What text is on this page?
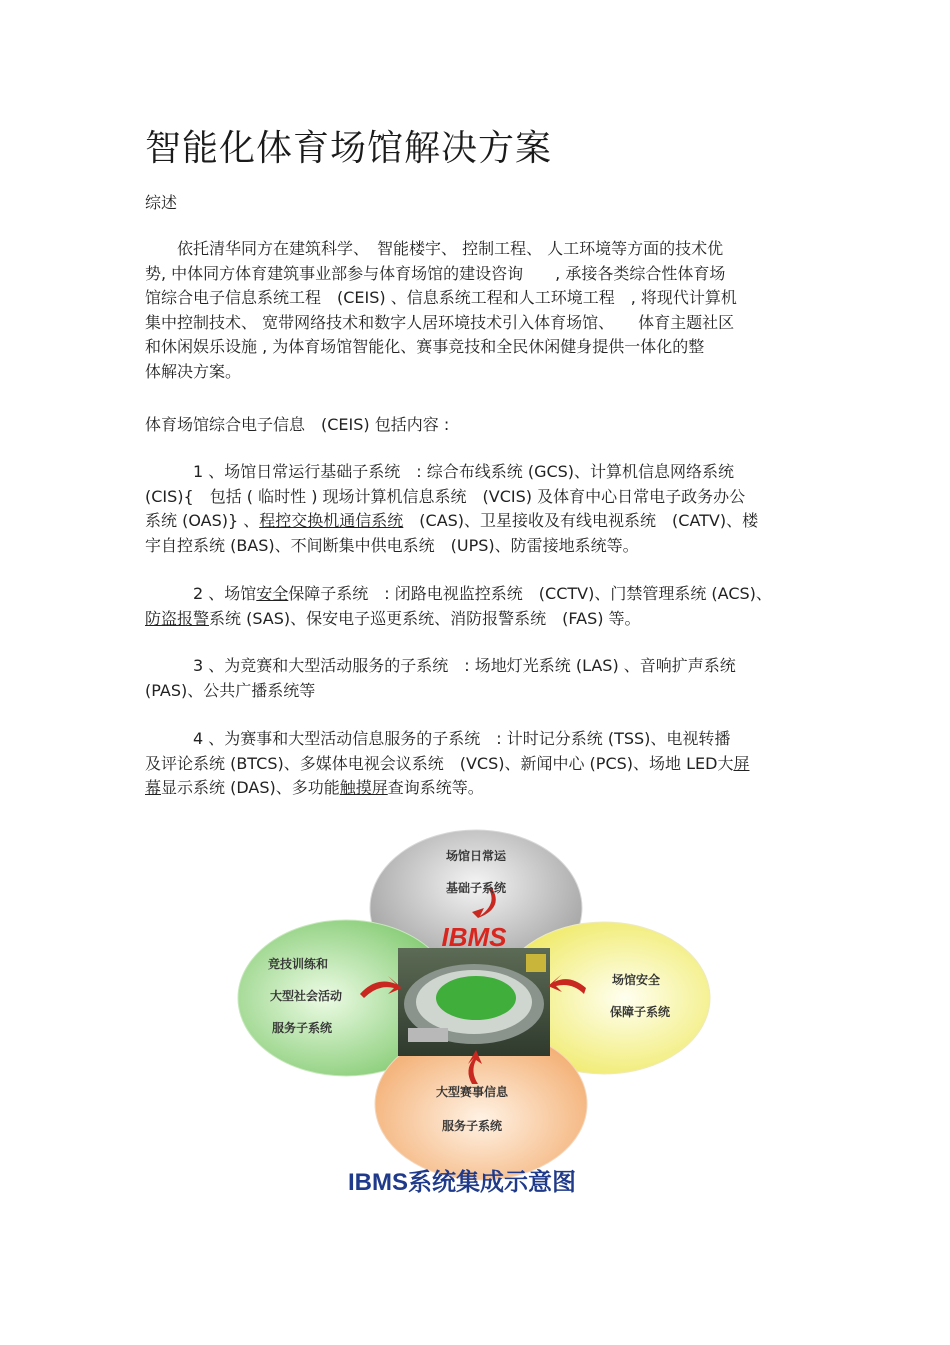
智能化体育场馆解决方案

综述

　　依托清华同方在建筑科学、　智能楼宇、 控制工程、 人工环境等方面的技术优
势, 中体同方体育建筑事业部参与体育场馆的建设咨询　　, 承接各类综合性体育场
馆综合电子信息系统工程　(CEIS) 、信息系统工程和人工环境工程　, 将现代计算机
集中控制技术、 宽带网络技术和数字人居环境技术引入体育场馆、　　体育主题社区
和休闲娱乐设施 , 为体育场馆智能化、赛事竞技和全民休闲健身提供一体化的整
体解决方案。
体育场馆综合电子信息　(CEIS) 包括内容 :
　　　1 、场馆日常运行基础子系统　: 综合布线系统 (GCS)、计算机信息网络系统
(CIS){　包括 ( 临时性 ) 现场计算机信息系统　(VCIS) 及体育中心日常电子政务办公
系统 (OAS)} 、程控交换机通信系统　(CAS)、卫星接收及有线电视系统　(CATV)、楼
宇自控系统 (BAS)、不间断集中供电系统　(UPS)、防雷接地系统等。
　　　2 、场馆安全保障子系统　: 闭路电视监控系统　(CCTV)、门禁管理系统 (ACS)、
防盗报警系统 (SAS)、保安电子巡更系统、消防报警系统　(FAS) 等。
　　　3 、为竞赛和大型活动服务的子系统　: 场地灯光系统 (LAS) 、音响扩声系统
(PAS)、公共广播系统等
　　　4 、为赛事和大型活动信息服务的子系统　: 计时记分系统 (TSS)、电视转播
及评论系统 (BTCS)、多媒体电视会议系统　(VCS)、新闻中心 (PCS)、场地 LED大屏
幕显示系统 (DAS)、多功能触摸屏查询系统等。
IBMS
场馆日常运
基础子系统
竞技训练和
大型社会活动
服务子系统
场馆安全
保障子系统
大型赛事信息
服务子系统
IBMS系统集成示意图
